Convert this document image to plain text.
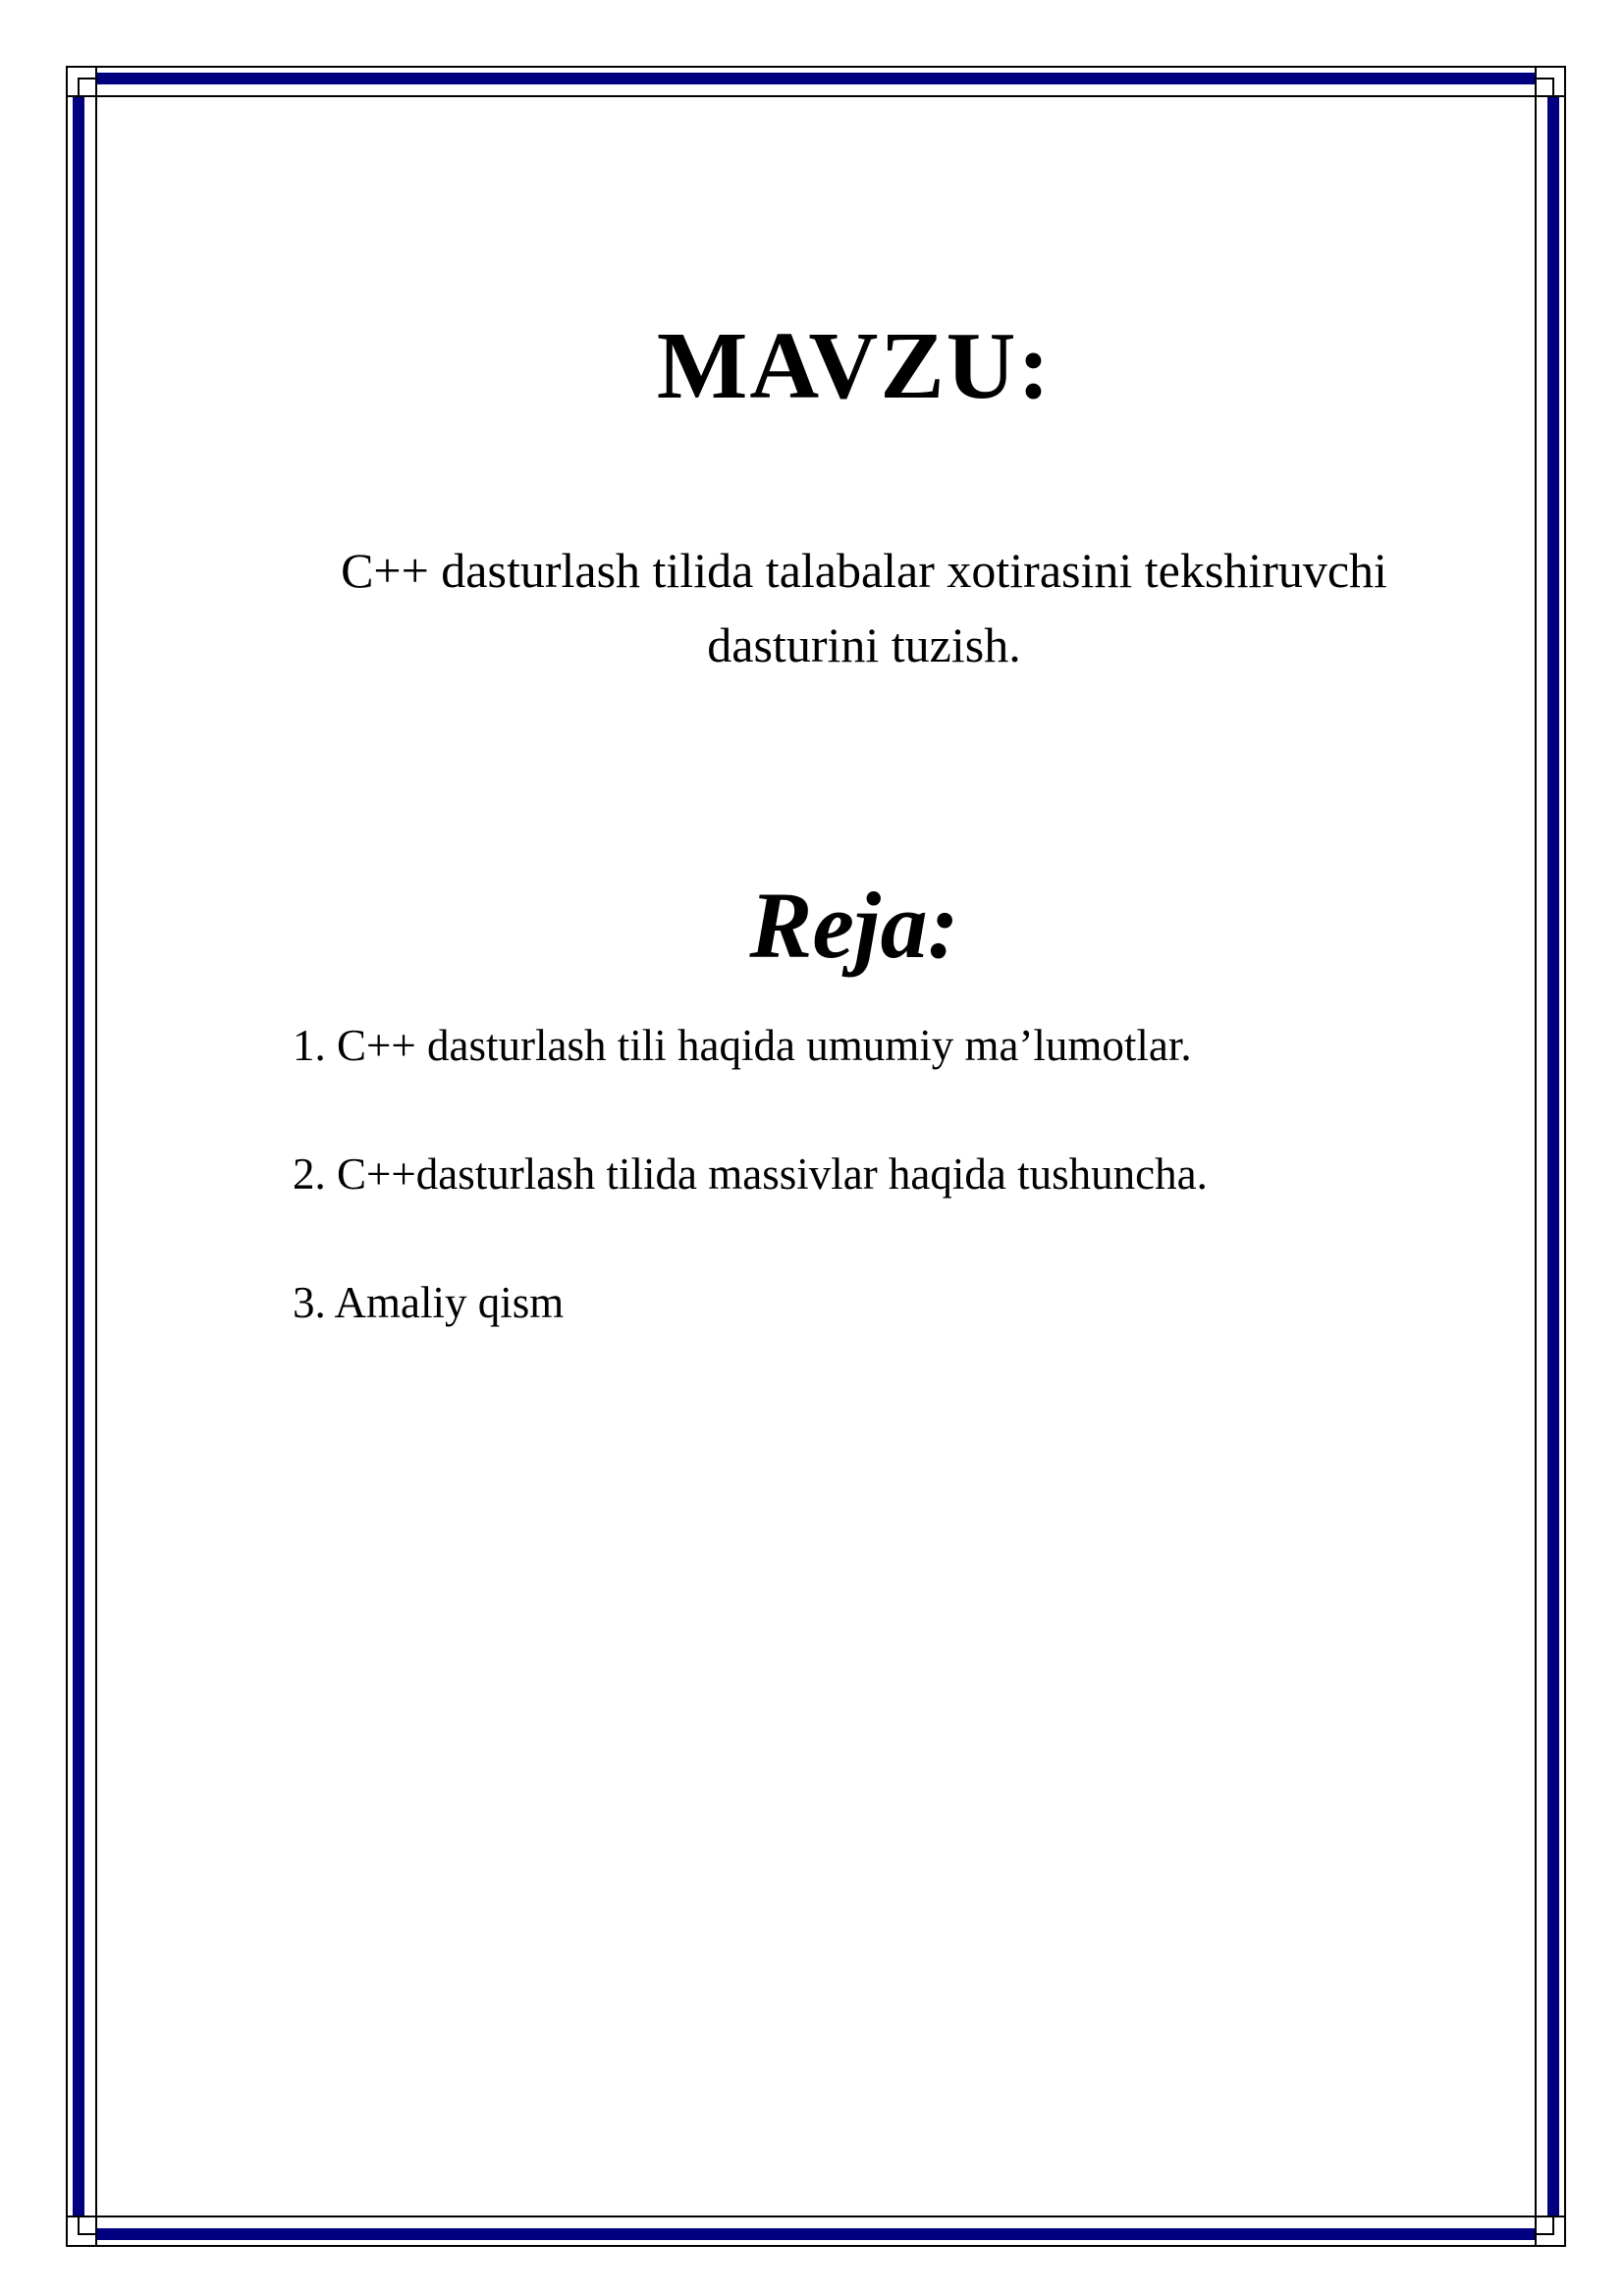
MAVZU:

C++ dasturlash tilida talabalar xotirasini tekshiruvchi dasturini tuzish.

Reja:
1. C++ dasturlash tili haqida umumiy ma’lumotlar.
2. C++dasturlash tilida massivlar haqida tushuncha.
3. Amaliy qism
